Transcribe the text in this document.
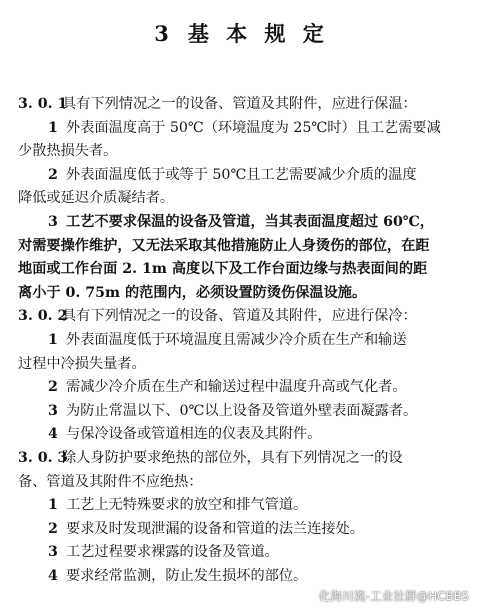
3 基 本 规 定
3. 0. 1具有下列情况之一的设备、管道及其附件，应进行保温：
1 外表面温度高于 50℃（环境温度为 25℃时）且工艺需要减
少散热损失者。
2 外表面温度低于或等于 50℃且工艺需要减少介质的温度
降低或延迟介质凝结者。
3 工艺不要求保温的设备及管道，当其表面温度超过 60℃，
对需要操作维护，又无法采取其他措施防止人身烫伤的部位，在距
地面或工作台面 2. 1m 高度以下及工作台面边缘与热表面间的距
离小于 0. 75m 的范围内，必须设置防烫伤保温设施。
3. 0. 2具有下列情况之一的设备、管道及其附件，应进行保冷：
1 外表面温度低于环境温度且需减少冷介质在生产和输送
过程中冷损失量者。
2 需减少冷介质在生产和输送过程中温度升高或气化者。
3 为防止常温以下、0℃以上设备及管道外壁表面凝露者。
4 与保冷设备或管道相连的仪表及其附件。
3. 0. 3除人身防护要求绝热的部位外，具有下列情况之一的设
备、管道及其附件不应绝热：
1 工艺上无特殊要求的放空和排气管道。
2 要求及时发现泄漏的设备和管道的法兰连接处。
3 工艺过程要求裸露的设备及管道。
4 要求经常监测，防止发生损坏的部位。
化海川流-工业社群@HCBBS
